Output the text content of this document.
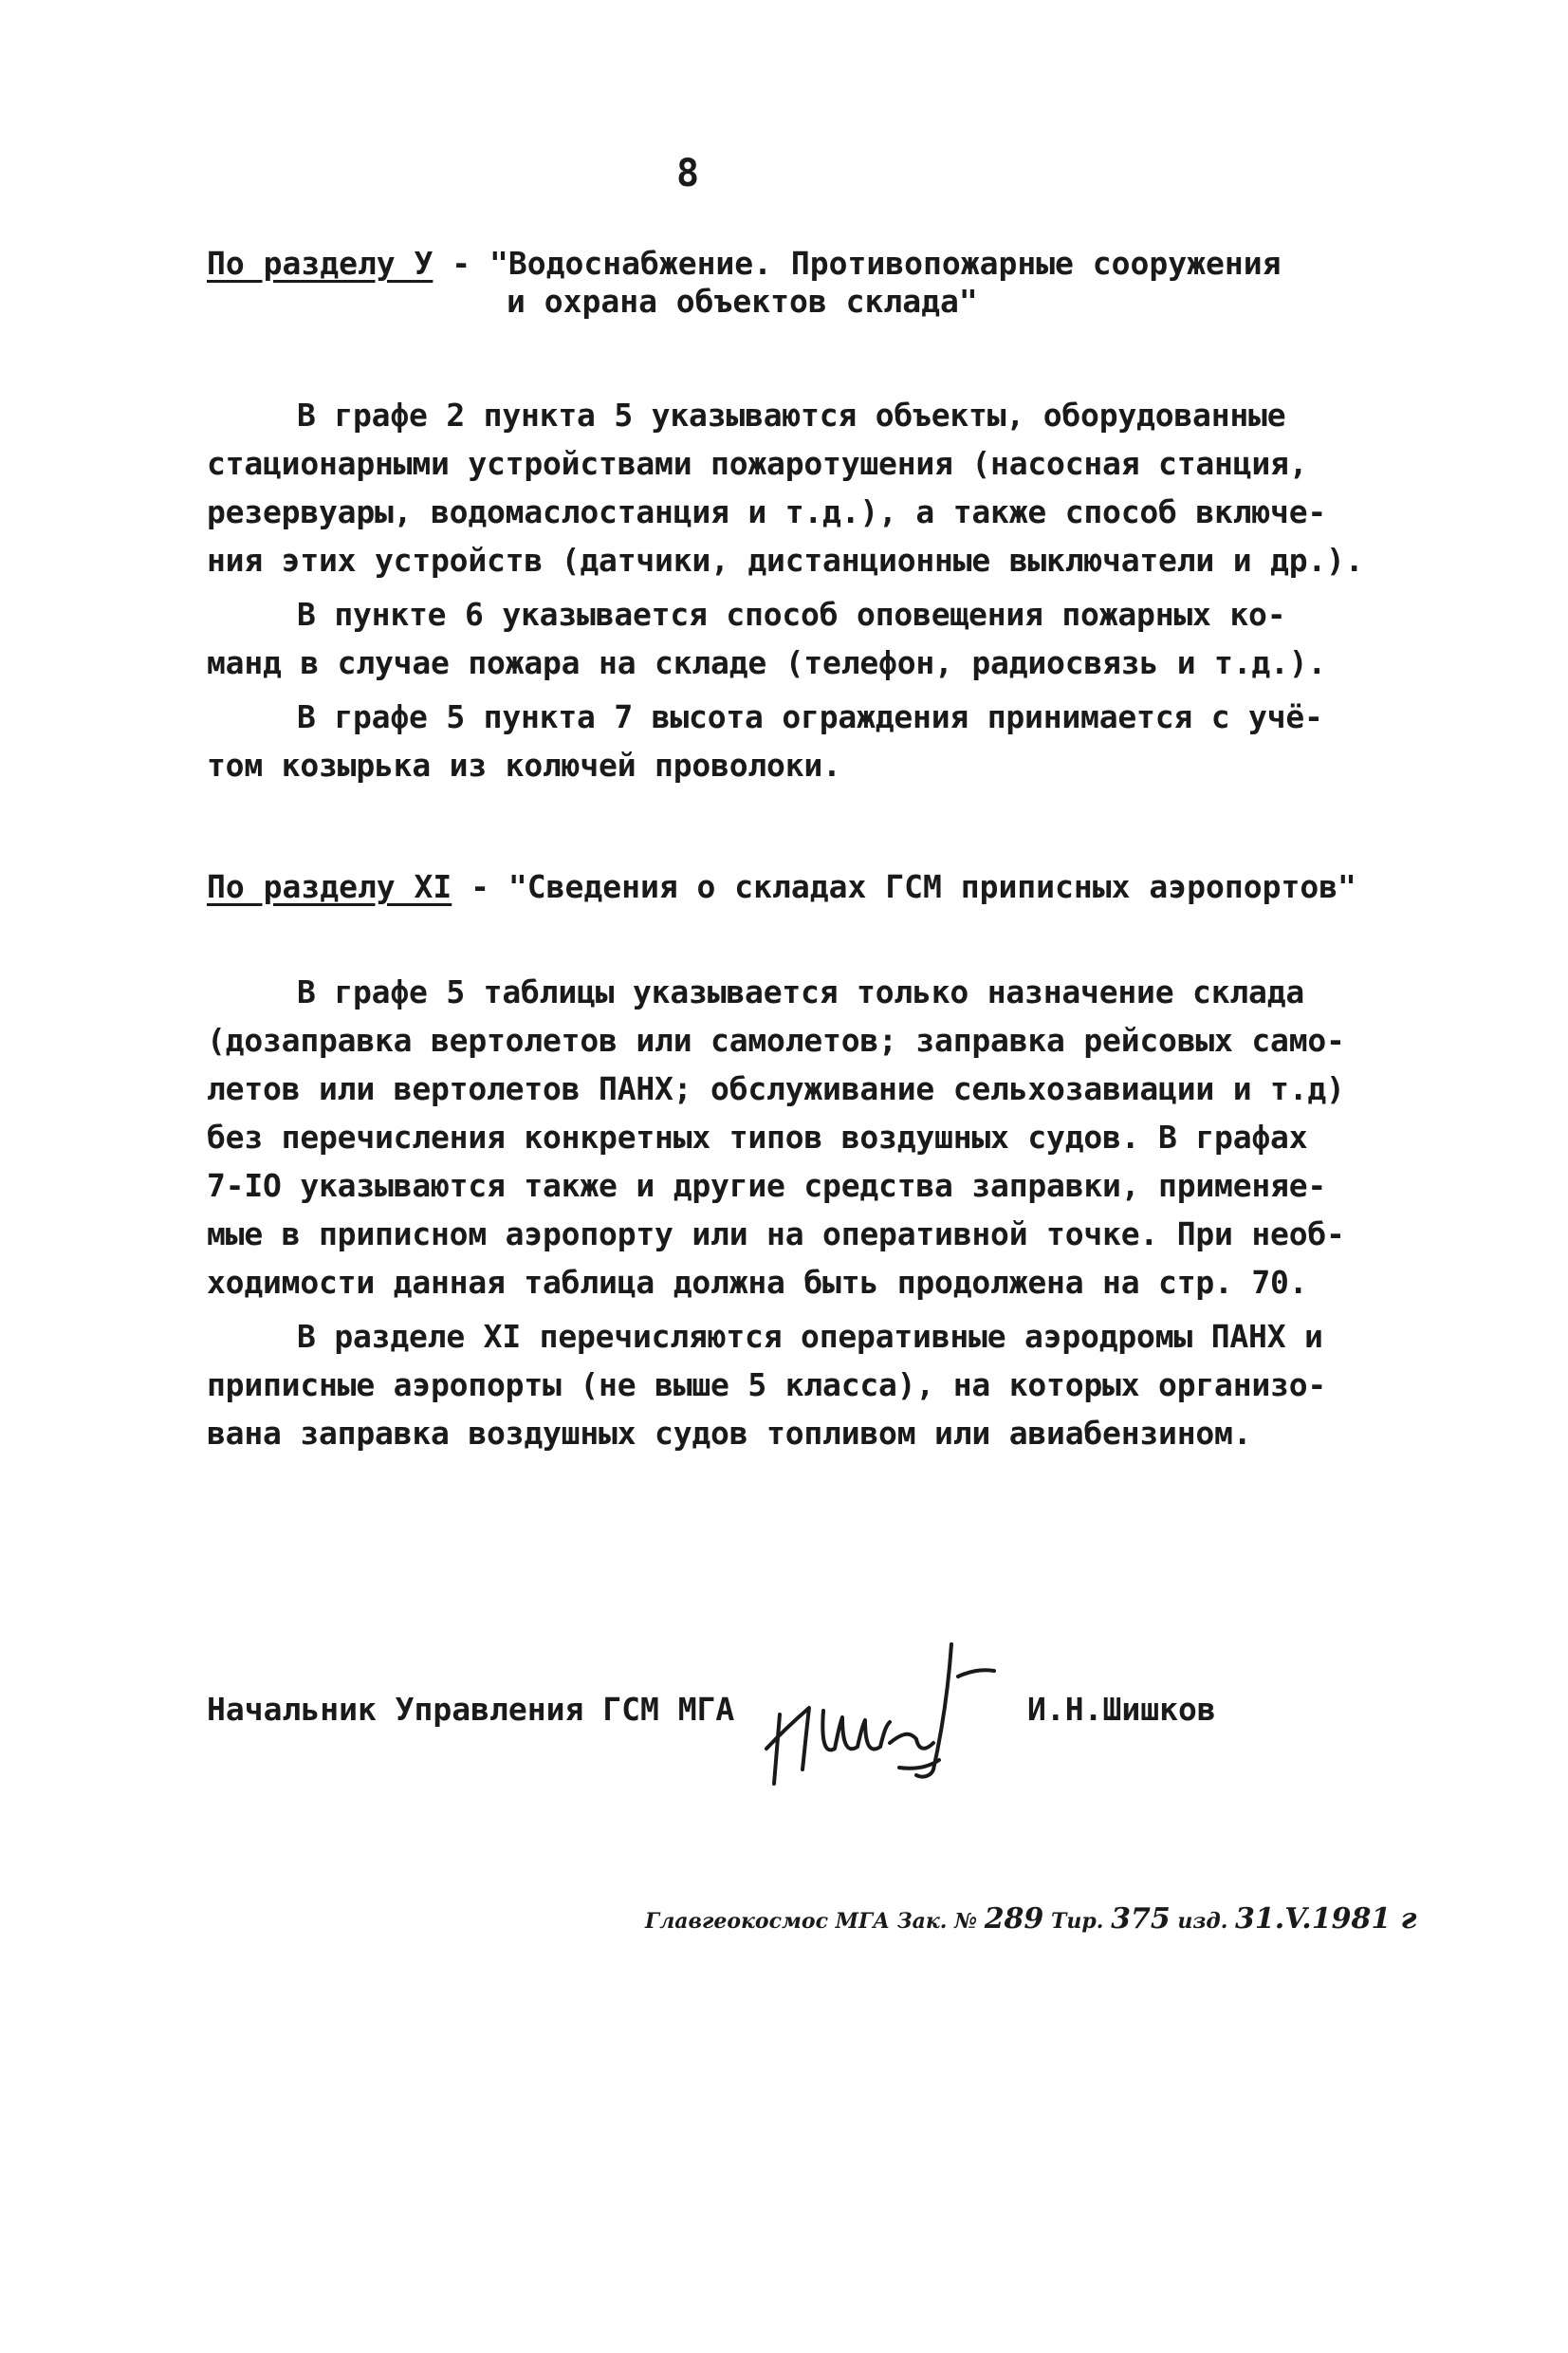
8
По разделу У - "Водоснабжение. Противопожарные сооружения
и охрана объектов склада"
В графе 2 пункта 5 указываются объекты, оборудованные
стационарными устройствами пожаротушения (насосная станция,
резервуары, водомаслостанция и т.д.), а также способ включе-
ния этих устройств (датчики, дистанционные выключатели и др.).
В пункте 6 указывается способ оповещения пожарных ко-
манд в случае пожара на складе (телефон, радиосвязь и т.д.).
В графе 5 пункта 7 высота ограждения принимается с учё-
том козырька из колючей проволоки.
По разделу XI - "Сведения о складах ГСМ приписных аэропортов"
В графе 5 таблицы указывается только назначение склада
(дозаправка вертолетов или самолетов; заправка рейсовых само-
летов или вертолетов ПАНХ; обслуживание сельхозавиации и т.д)
без перечисления конкретных типов воздушных судов. В графах
7-IO указываются также и другие средства заправки, применяе-
мые в приписном аэропорту или на оперативной точке. При необ-
ходимости данная таблица должна быть продолжена на стр. 70.
В разделе XI перечисляются оперативные аэродромы ПАНХ и
приписные аэропорты (не выше 5 класса), на которых организо-
вана заправка воздушных судов топливом или авиабензином.
Начальник Управления ГСМ МГА	И.Н.Шишков
Главгеокосмос МГА Зак. № 289 Тир. 375 изд. 31.V.1981 г
